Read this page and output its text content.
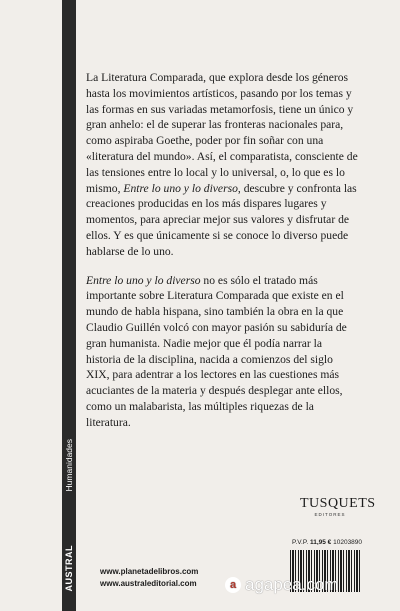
Humanidades
AUSTRAL

La Literatura Comparada, que explora desde los géneros hasta los movimientos artísticos, pasando por los temas y las formas en sus variadas metamorfosis, tiene un único y gran anhelo: el de superar las fronteras nacionales para, como aspiraba Goethe, poder por fin soñar con una «literatura del mundo». Así, el comparatista, consciente de las tensiones entre lo local y lo universal, o, lo que es lo mismo, Entre lo uno y lo diverso, descubre y confronta las creaciones producidas en los más dispares lugares y momentos, para apreciar mejor sus valores y disfrutar de ellos. Y es que únicamente si se conoce lo diverso puede hablarse de lo uno.

Entre lo uno y lo diverso no es sólo el tratado más importante sobre Literatura Comparada que existe en el mundo de habla hispana, sino también la obra en la que Claudio Guillén volcó con mayor pasión su sabiduría de gran humanista. Nadie mejor que él podía narrar la historia de la disciplina, nacida a comienzos del siglo XIX, para adentrar a los lectores en las cuestiones más acuciantes de la materia y después desplegar ante ellos, como un malabarista, las múltiples riquezas de la literatura.

TUSQUETS
EDITORES
P.V.P. 11,95 € 10203890
www.planetadelibros.com
www.australeditorial.com	a agapea.com
